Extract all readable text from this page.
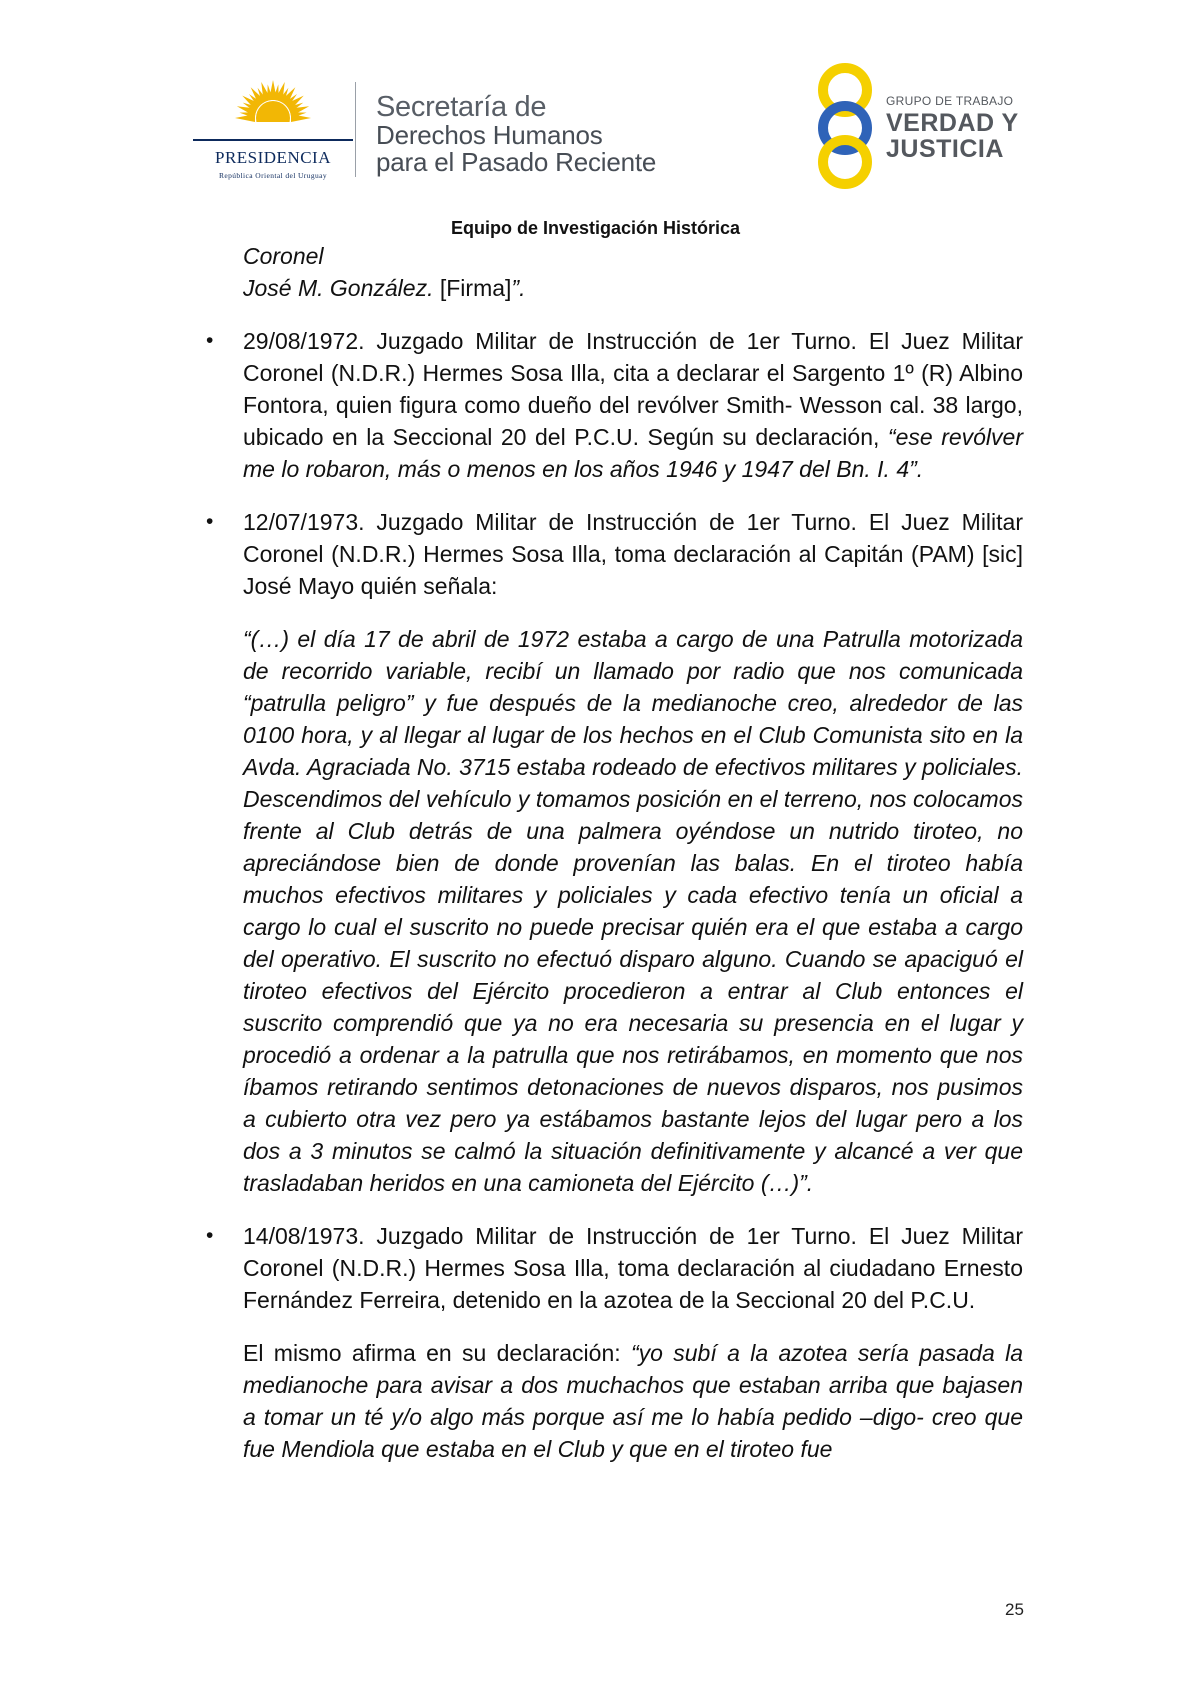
PRESIDENCIA
República Oriental del Uruguay
Secretaría de
Derechos Humanos
para el Pasado Reciente
GRUPO DE TRABAJO
VERDAD Y
JUSTICIA
Equipo de Investigación Histórica

Coronel

José M. González. [Firma]”.

• 29/08/1972. Juzgado Militar de Instrucción de 1er Turno. El Juez Militar Coronel (N.D.R.) Hermes Sosa Illa, cita a declarar el Sargento 1º (R) Albino Fontora, quien figura como dueño del revólver Smith- Wesson cal. 38 largo, ubicado en la Seccional 20 del P.C.U. Según su declaración, “ese revólver me lo robaron, más o menos en los años 1946 y 1947 del Bn. I. 4”.

• 12/07/1973. Juzgado Militar de Instrucción de 1er Turno. El Juez Militar Coronel (N.D.R.) Hermes Sosa Illa, toma declaración al Capitán (PAM) [sic] José Mayo quién señala:

“(…) el día 17 de abril de 1972 estaba a cargo de una Patrulla motorizada de recorrido variable, recibí un llamado por radio que nos comunicada “patrulla peligro” y fue después de la medianoche creo, alrededor de las 0100 hora, y al llegar al lugar de los hechos en el Club Comunista sito en la Avda. Agraciada No. 3715 estaba rodeado de efectivos militares y policiales. Descendimos del vehículo y tomamos posición en el terreno, nos colocamos frente al Club detrás de una palmera oyéndose un nutrido tiroteo, no apreciándose bien de donde provenían las balas. En el tiroteo había muchos efectivos militares y policiales y cada efectivo tenía un oficial a cargo lo cual el suscrito no puede precisar quién era el que estaba a cargo del operativo. El suscrito no efectuó disparo alguno. Cuando se apaciguó el tiroteo efectivos del Ejército procedieron a entrar al Club entonces el suscrito comprendió que ya no era necesaria su presencia en el lugar y procedió a ordenar a la patrulla que nos retirábamos, en momento que nos íbamos retirando sentimos detonaciones de nuevos disparos, nos pusimos a cubierto otra vez pero ya estábamos bastante lejos del lugar pero a los dos a 3 minutos se calmó la situación definitivamente y alcancé a ver que trasladaban heridos en una camioneta del Ejército (…)”.

• 14/08/1973. Juzgado Militar de Instrucción de 1er Turno. El Juez Militar Coronel (N.D.R.) Hermes Sosa Illa, toma declaración al ciudadano Ernesto Fernández Ferreira, detenido en la azotea de la Seccional 20 del P.C.U.

El mismo afirma en su declaración: “yo subí a la azotea sería pasada la medianoche para avisar a dos muchachos que estaban arriba que bajasen a tomar un té y/o algo más porque así me lo había pedido –digo- creo que fue Mendiola que estaba en el Club y que en el tiroteo fue

25
